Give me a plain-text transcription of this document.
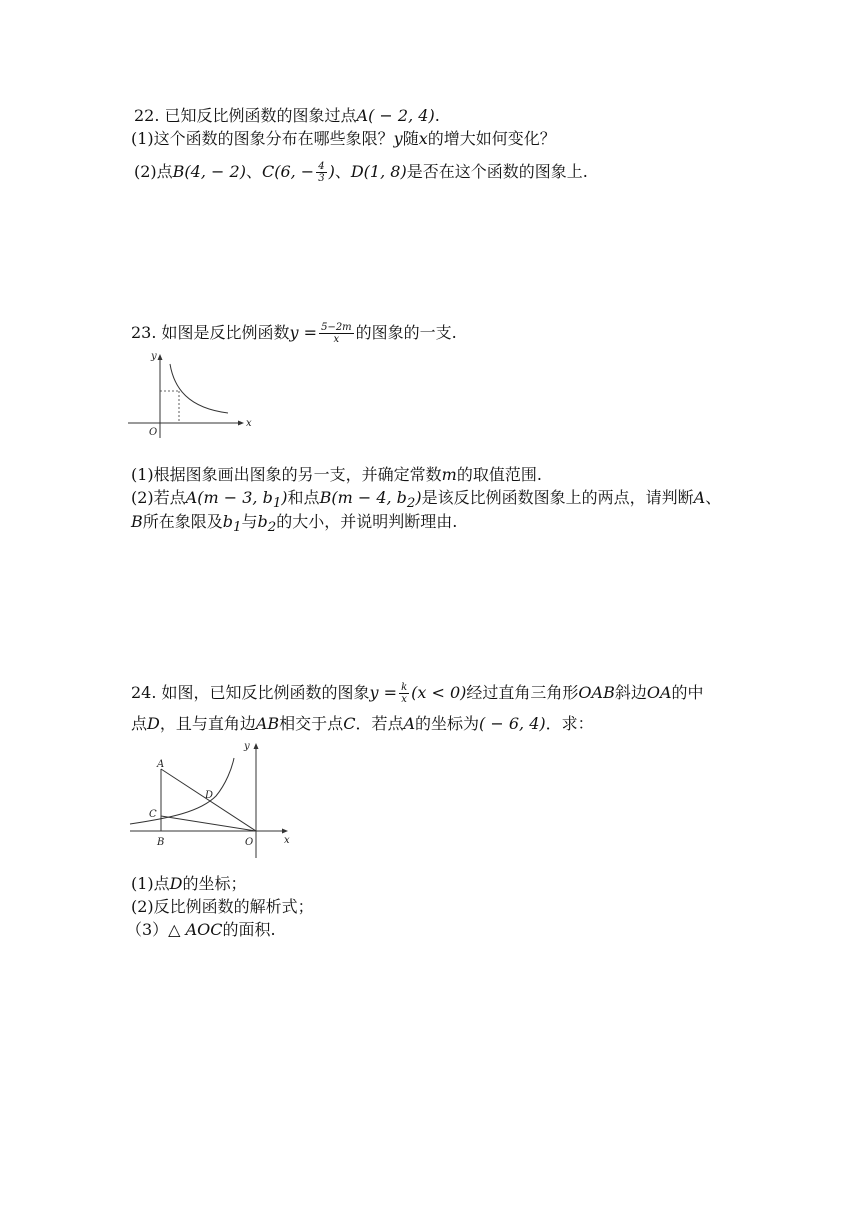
22. 已知反比例函数的图象过点A( − 2, 4).
(1)这个函数的图象分布在哪些象限？y随x的增大如何变化？
(2)点B(4, − 2)、C(6, − $\frac{4}{3}$ )、D(1, 8)是否在这个函数的图象上.
23. 如图是反比例函数$y = \frac{5-2m}{x}$ 的图象的一支.
y
x
O
(1)根据图象画出图象的另一支，并确定常数m的取值范围.
(2)若点A(m − 3, $b_1$)和点B(m − 4, $b_2$)是该反比例函数图象上的两点，请判断A、
B所在象限及$b_1$与$b_2$的大小，并说明判断理由.
24. 如图，已知反比例函数的图象$y = \frac{k}{x} (x < 0)$经过直角三角形OAB斜边OA的中
点D，且与直角边AB相交于点C．若点A的坐标为( − 6, 4)．求：
A
D
C
B	O
y
x
(1)点D的坐标；
(2)反比例函数的解析式；
（3）△ AOC的面积.
